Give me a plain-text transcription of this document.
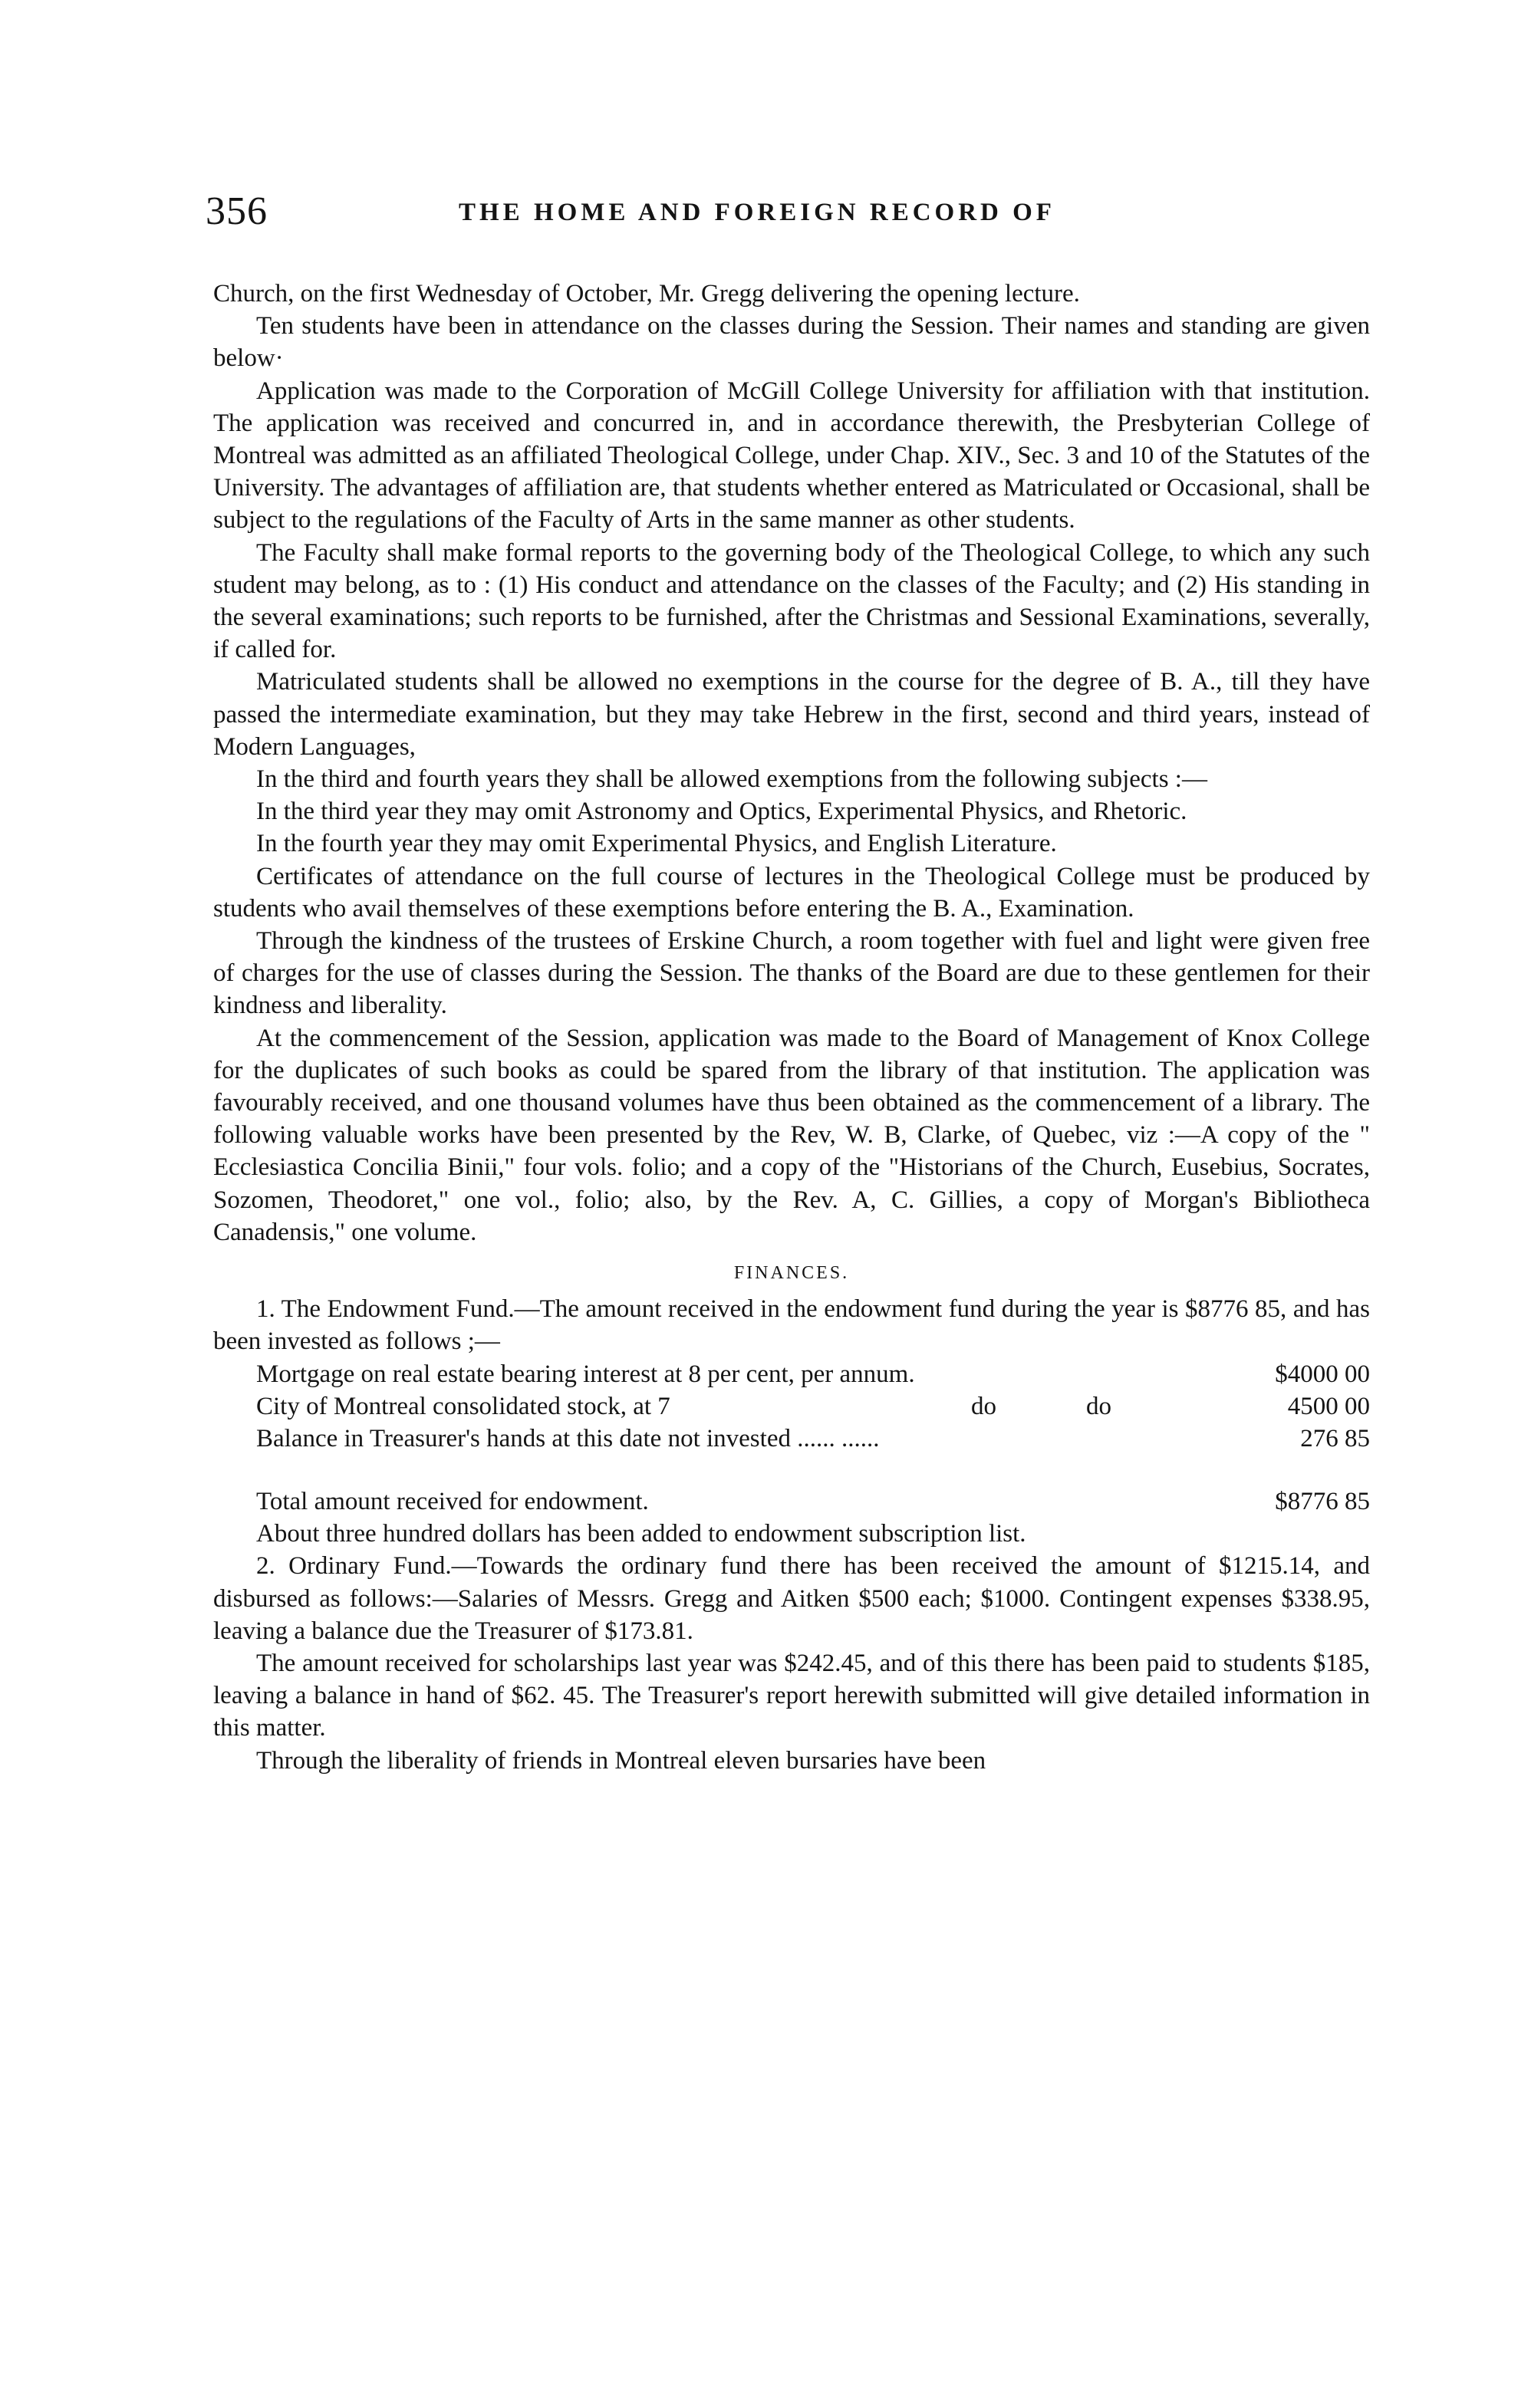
356	THE HOME AND FOREIGN RECORD OF

Church, on the first Wednesday of October, Mr. Gregg delivering the opening lecture.

Ten students have been in attendance on the classes during the Session. Their names and standing are given below·

Application was made to the Corporation of McGill College University for affiliation with that institution. The application was received and concurred in, and in accordance therewith, the Presbyterian College of Montreal was admitted as an affiliated Theological College, under Chap. XIV., Sec. 3 and 10 of the Statutes of the University. The advantages of affiliation are, that students whether entered as Matriculated or Occasional, shall be subject to the regulations of the Faculty of Arts in the same manner as other students.

The Faculty shall make formal reports to the governing body of the Theological College, to which any such student may belong, as to : (1) His conduct and attendance on the classes of the Faculty; and (2) His standing in the several examinations; such reports to be furnished, after the Christmas and Sessional Examinations, severally, if called for.

Matriculated students shall be allowed no exemptions in the course for the degree of B. A., till they have passed the intermediate examination, but they may take Hebrew in the first, second and third years, instead of Modern Languages,

In the third and fourth years they shall be allowed exemptions from the following subjects :—

In the third year they may omit Astronomy and Optics, Experimental Physics, and Rhetoric.

In the fourth year they may omit Experimental Physics, and English Literature.

Certificates of attendance on the full course of lectures in the Theological College must be produced by students who avail themselves of these exemptions before entering the B. A., Examination.

Through the kindness of the trustees of Erskine Church, a room together with fuel and light were given free of charges for the use of classes during the Session. The thanks of the Board are due to these gentlemen for their kindness and liberality.

At the commencement of the Session, application was made to the Board of Management of Knox College for the duplicates of such books as could be spared from the library of that institution. The application was favourably received, and one thousand volumes have thus been obtained as the commencement of a library. The following valuable works have been presented by the Rev, W. B, Clarke, of Quebec, viz :—A copy of the " Ecclesiastica Concilia Binii," four vols. folio; and a copy of the "Historians of the Church, Eusebius, Socrates, Sozomen, Theodoret," one vol., folio; also, by the Rev. A, C. Gillies, a copy of Morgan's Bibliotheca Canadensis," one volume.

FINANCES.

1. The Endowment Fund.—The amount received in the endowment fund during the year is $8776 85, and has been invested as follows ;—

Mortgage on real estate bearing interest at 8 per cent, per annum.	$4000 00
City of Montreal consolidated stock, at 7	do	do	4500 00
Balance in Treasurer's hands at this date not invested ...... ......	276 85
Total amount received for endowment.	$8776 85

About three hundred dollars has been added to endowment subscription list.

2. Ordinary Fund.—Towards the ordinary fund there has been received the amount of $1215.14, and disbursed as follows:—Salaries of Messrs. Gregg and Aitken $500 each; $1000. Contingent expenses $338.95, leaving a balance due the Treasurer of $173.81.

The amount received for scholarships last year was $242.45, and of this there has been paid to students $185, leaving a balance in hand of $62. 45. The Treasurer's report herewith submitted will give detailed information in this matter.

Through the liberality of friends in Montreal eleven bursaries have been
